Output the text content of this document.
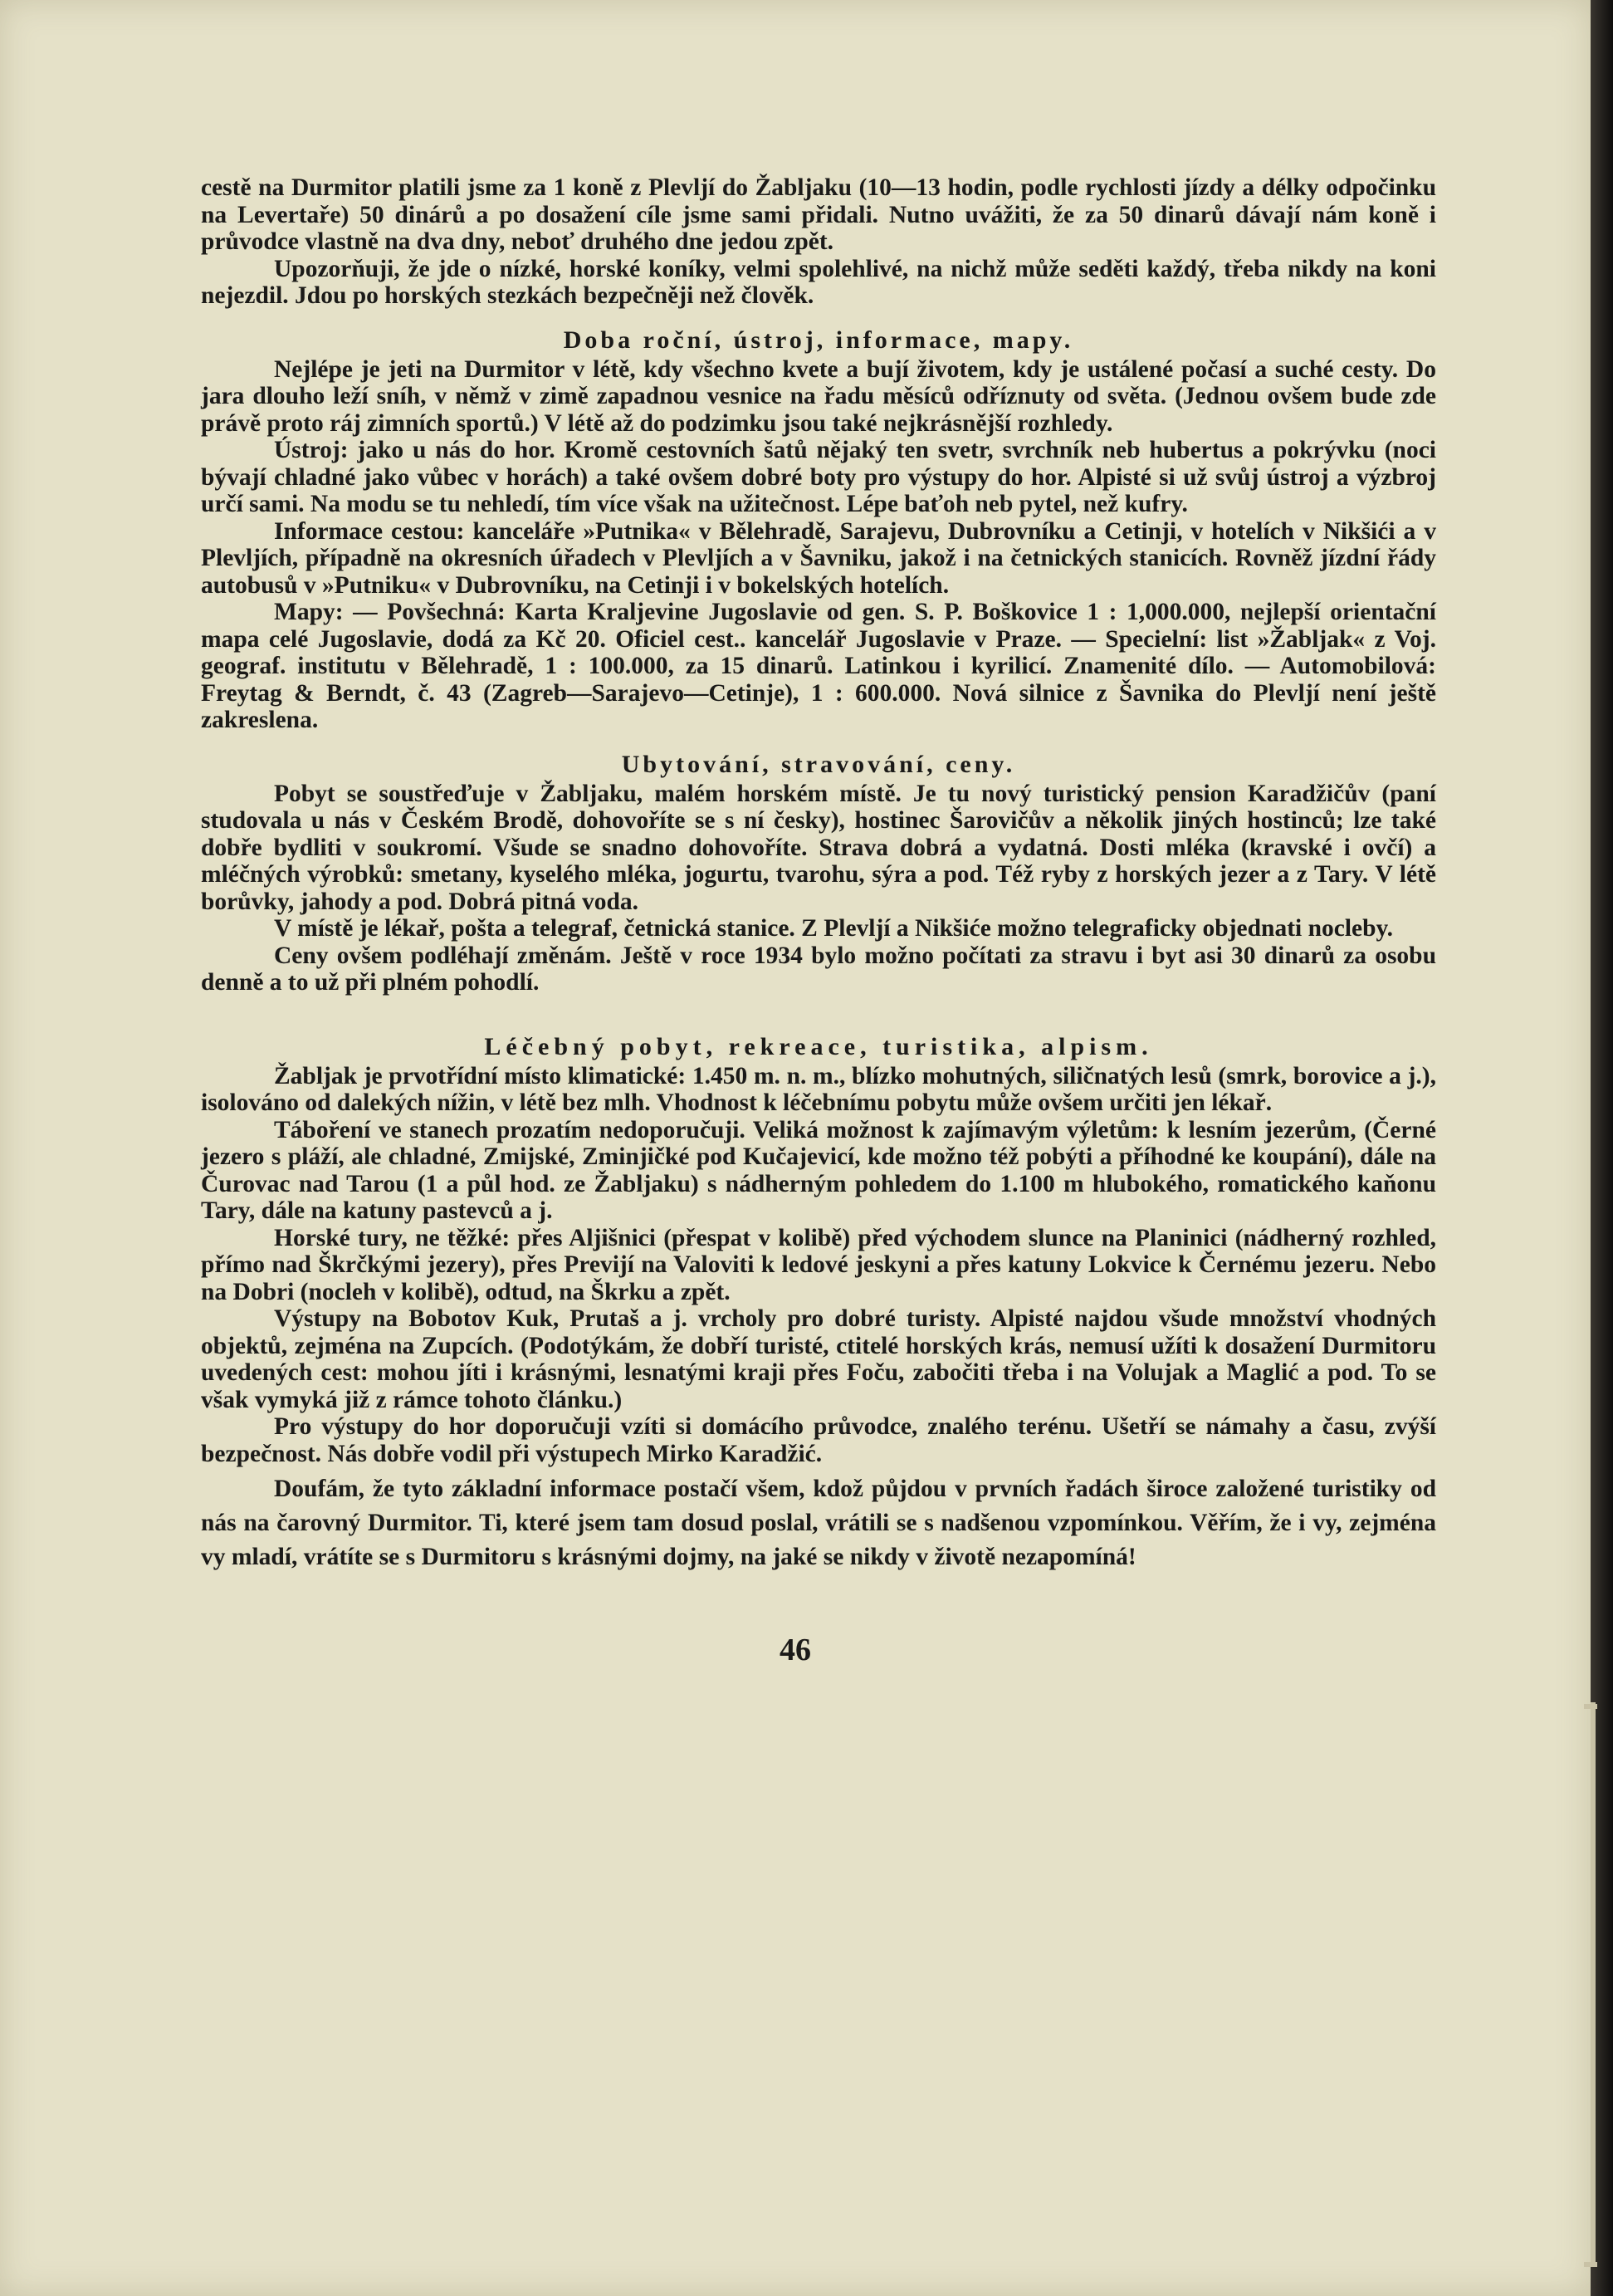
cestě na Durmitor platili jsme za 1 koně z Plevljí do Žabljaku (10—13 hodin, podle rychlosti jízdy a délky odpočinku na Levertaře) 50 dinárů a po dosažení cíle jsme sami přidali. Nutno uvážiti, že za 50 dinarů dávají nám koně i průvodce vlastně na dva dny, neboť druhého dne jedou zpět.

Upozorňuji, že jde o nízké, horské koníky, velmi spolehlivé, na nichž může seděti každý, třeba nikdy na koni nejezdil. Jdou po horských stezkách bezpečněji než člověk.

Doba roční, ústroj, informace, mapy.

Nejlépe je jeti na Durmitor v létě, kdy všechno kvete a bují životem, kdy je ustálené počasí a suché cesty. Do jara dlouho leží sníh, v němž v zimě zapadnou vesnice na řadu měsíců odříznuty od světa. (Jednou ovšem bude zde právě proto ráj zimních sportů.) V létě až do podzimku jsou také nejkrásnější rozhledy.

Ústroj: jako u nás do hor. Kromě cestovních šatů nějaký ten svetr, svrchník neb hubertus a pokrývku (noci bývají chladné jako vůbec v horách) a také ovšem dobré boty pro výstupy do hor. Alpisté si už svůj ústroj a výzbroj určí sami. Na modu se tu nehledí, tím více však na užitečnost. Lépe baťoh neb pytel, než kufry.

Informace cestou: kanceláře »Putnika« v Bělehradě, Sarajevu, Dubrovníku a Cetinji, v hotelích v Nikšići a v Plevljích, případně na okresních úřadech v Plevljích a v Šavniku, jakož i na četnických stanicích. Rovněž jízdní řády autobusů v »Putniku« v Dubrovníku, na Cetinji i v bokelských hotelích.

Mapy: — Povšechná: Karta Kraljevine Jugoslavie od gen. S. P. Boškovice 1 : 1,000.000, nejlepší orientační mapa celé Jugoslavie, dodá za Kč 20. Oficiel cest.. kancelář Jugoslavie v Praze. — Specielní: list »Žabljak« z Voj. geograf. institutu v Bělehradě, 1 : 100.000, za 15 dinarů. Latinkou i kyrilicí. Znamenité dílo. — Automobilová: Freytag & Berndt, č. 43 (Zagreb—Sarajevo—Cetinje), 1 : 600.000. Nová silnice z Šavnika do Plevljí není ještě zakreslena.

Ubytování, stravování, ceny.

Pobyt se soustřeďuje v Žabljaku, malém horském místě. Je tu nový turistický pension Karadžičův (paní studovala u nás v Českém Brodě, dohovoříte se s ní česky), hostinec Šarovičův a několik jiných hostinců; lze také dobře bydliti v soukromí. Všude se snadno dohovoříte. Strava dobrá a vydatná. Dosti mléka (kravské i ovčí) a mléčných výrobků: smetany, kyselého mléka, jogurtu, tvarohu, sýra a pod. Též ryby z horských jezer a z Tary. V létě borůvky, jahody a pod. Dobrá pitná voda.

V místě je lékař, pošta a telegraf, četnická stanice. Z Plevljí a Nikšiće možno telegraficky objednati nocleby.

Ceny ovšem podléhají změnám. Ještě v roce 1934 bylo možno počítati za stravu i byt asi 30 dinarů za osobu denně a to už při plném pohodlí.

Léčebný pobyt, rekreace, turistika, alpism.

Žabljak je prvotřídní místo klimatické: 1.450 m. n. m., blízko mohutných, siličnatých lesů (smrk, borovice a j.), isolováno od dalekých nížin, v létě bez mlh. Vhodnost k léčebnímu pobytu může ovšem určiti jen lékař.

Táboření ve stanech prozatím nedoporučuji. Veliká možnost k zajímavým výletům: k lesním jezerům, (Černé jezero s pláží, ale chladné, Zmijské, Zminjičké pod Kučajevicí, kde možno též pobýti a příhodné ke koupání), dále na Čurovac nad Tarou (1 a půl hod. ze Žabljaku) s nádherným pohledem do 1.100 m hlubokého, romatického kaňonu Tary, dále na katuny pastevců a j.

Horské tury, ne těžké: přes Aljišnici (přespat v kolibě) před východem slunce na Planinici (nádherný rozhled, přímo nad Škrčkými jezery), přes Previjí na Valoviti k ledové jeskyni a přes katuny Lokvice k Černému jezeru. Nebo na Dobri (nocleh v kolibě), odtud, na Škrku a zpět.

Výstupy na Bobotov Kuk, Prutaš a j. vrcholy pro dobré turisty. Alpisté najdou všude množství vhodných objektů, zejména na Zupcích. (Podotýkám, že dobří turisté, ctitelé horských krás, nemusí užíti k dosažení Durmitoru uvedených cest: mohou jíti i krásnými, lesnatými kraji přes Foču, zabočiti třeba i na Volujak a Maglić a pod. To se však vymyká již z rámce tohoto článku.)

Pro výstupy do hor doporučuji vzíti si domácího průvodce, znalého terénu. Ušetří se námahy a času, zvýší bezpečnost. Nás dobře vodil při výstupech Mirko Karadžić.

Doufám, že tyto základní informace postačí všem, kdož půjdou v prvních řadách široce založené turistiky od nás na čarovný Durmitor. Ti, které jsem tam dosud poslal, vrátili se s nadšenou vzpomínkou. Věřím, že i vy, zejména vy mladí, vrátíte se s Durmitoru s krásnými dojmy, na jaké se nikdy v životě nezapomíná!

46
